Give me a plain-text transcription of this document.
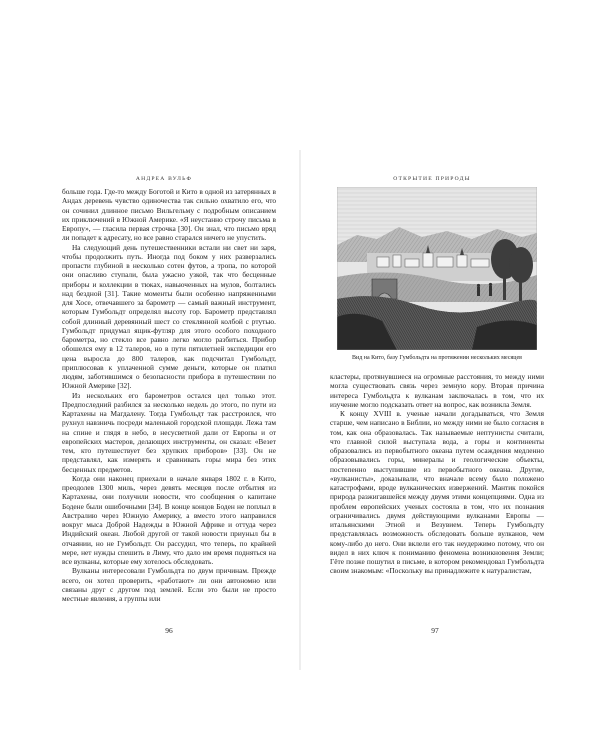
АНДРЕА ВУЛЬФ

больше года. Где-то между Боготой и Кито в одной из затерянных в Андах деревень чувство одиночества так сильно охватило его, что он сочинил длинное письмо Вильгельму с подробным описанием их приключений в Южной Америке. «Я неустанно строчу письма в Европу», — гласила первая строчка [30]. Он знал, что письмо вряд ли попадет к адресату, но все равно старался ничего не упустить.

На следующий день путешественники встали ни свет ни заря, чтобы продолжить путь. Иногда под боком у них разверзались пропасти глубиной в несколько сотен футов, а тропа, по которой они опасливо ступали, была ужасно узкой, так что бесценные приборы и коллекции в тюках, навьюченных на мулов, болтались над бездной [31]. Такие моменты были особенно напряженными для Хосе, отвечавшего за барометр — самый важный инструмент, которым Гумбольдт определял высоту гор. Барометр представлял собой длинный деревянный шест со стеклянной колбой с ртутью. Гумбольдт придумал ящик-футляр для этого особого походного барометра, но стекло все равно легко могло разбиться. Прибор обошелся ему в 12 талеров, но в пути пятилетней экспедиции его цена выросла до 800 талеров, как подсчитал Гумбольдт, приплюсовав к уплаченной сумме деньги, которые он платил людям, заботившимся о безопасности прибора в путешествии по Южной Америке [32].

Из нескольких его барометров остался цел только этот. Предпоследний разбился за несколько недель до этого, по пути из Картахены на Магдалену. Тогда Гумбольдт так расстроился, что рухнул навзничь посреди маленькой городской площади. Лежа там на спине и глядя в небо, в несусветной дали от Европы и от европейских мастеров, делающих инструменты, он сказал: «Везет тем, кто путешествует без хрупких приборов» [33]. Он не представлял, как измерять и сравнивать горы мира без этих бесценных предметов.

Когда они наконец приехали в начале января 1802 г. в Кито, преодолев 1300 миль, через девять месяцев после отбытия из Картахены, они получили новости, что сообщения о капитане Бодене были ошибочными [34]. В конце концов Боден не поплыл в Австралию через Южную Америку, а вместо этого направился вокруг мыса Доброй Надежды в Южной Африке и оттуда через Индийский океан. Любой другой от такой новости приуныл бы в отчаянии, но не Гумбольдт. Он рассудил, что теперь, по крайней мере, нет нужды спешить в Лиму, что дало им время подняться на все вулканы, которые ему хотелось обследовать.

Вулканы интересовали Гумбольдта по двум причинам. Прежде всего, он хотел проверить, «работают» ли они автономно или связаны друг с другом под землей. Если это были не просто местные явления, а группы или

96
ОТКРЫТИЕ ПРИРОДЫ
Вид на Кито, базу Гумбольдта на протяжении нескольких месяцев

кластеры, протянувшиеся на огромные расстояния, то между ними могла существовать связь через земную кору. Вторая причина интереса Гумбольдта к вулканам заключалась в том, что их изучение могло подсказать ответ на вопрос, как возникла Земля.

К концу XVIII в. ученые начали догадываться, что Земля старше, чем написано в Библии, но между ними не было согласия в том, как она образовалась. Так называемые нептунисты считали, что главной силой выступала вода, а горы и континенты образовались из первобытного океана путем осаждения медленно образовывались горы, минералы и геологические объекты, постепенно выступившие из первобытного океана. Другие, «вулканисты», доказывали, что вначале всему было положено катастрофами, вроде вулканических извержений. Мантик покойся природа разжигавшейся между двумя этими концепциями. Одна из проблем европейских ученых состояла в том, что их познания ограничивались двумя действующими вулканами Европы — итальянскими Этной и Везувием. Теперь Гумбольдту представлялась возможность обследовать больше вулканов, чем кому-либо до него. Они вклели его так неудержимо потому, что он видел в них ключ к пониманию феномена возникновения Земли; Гёте позже пошутил в письме, в котором рекомендовал Гумбольдта своим знакомым: «Поскольку вы принадлежите к натуралистам,

97
